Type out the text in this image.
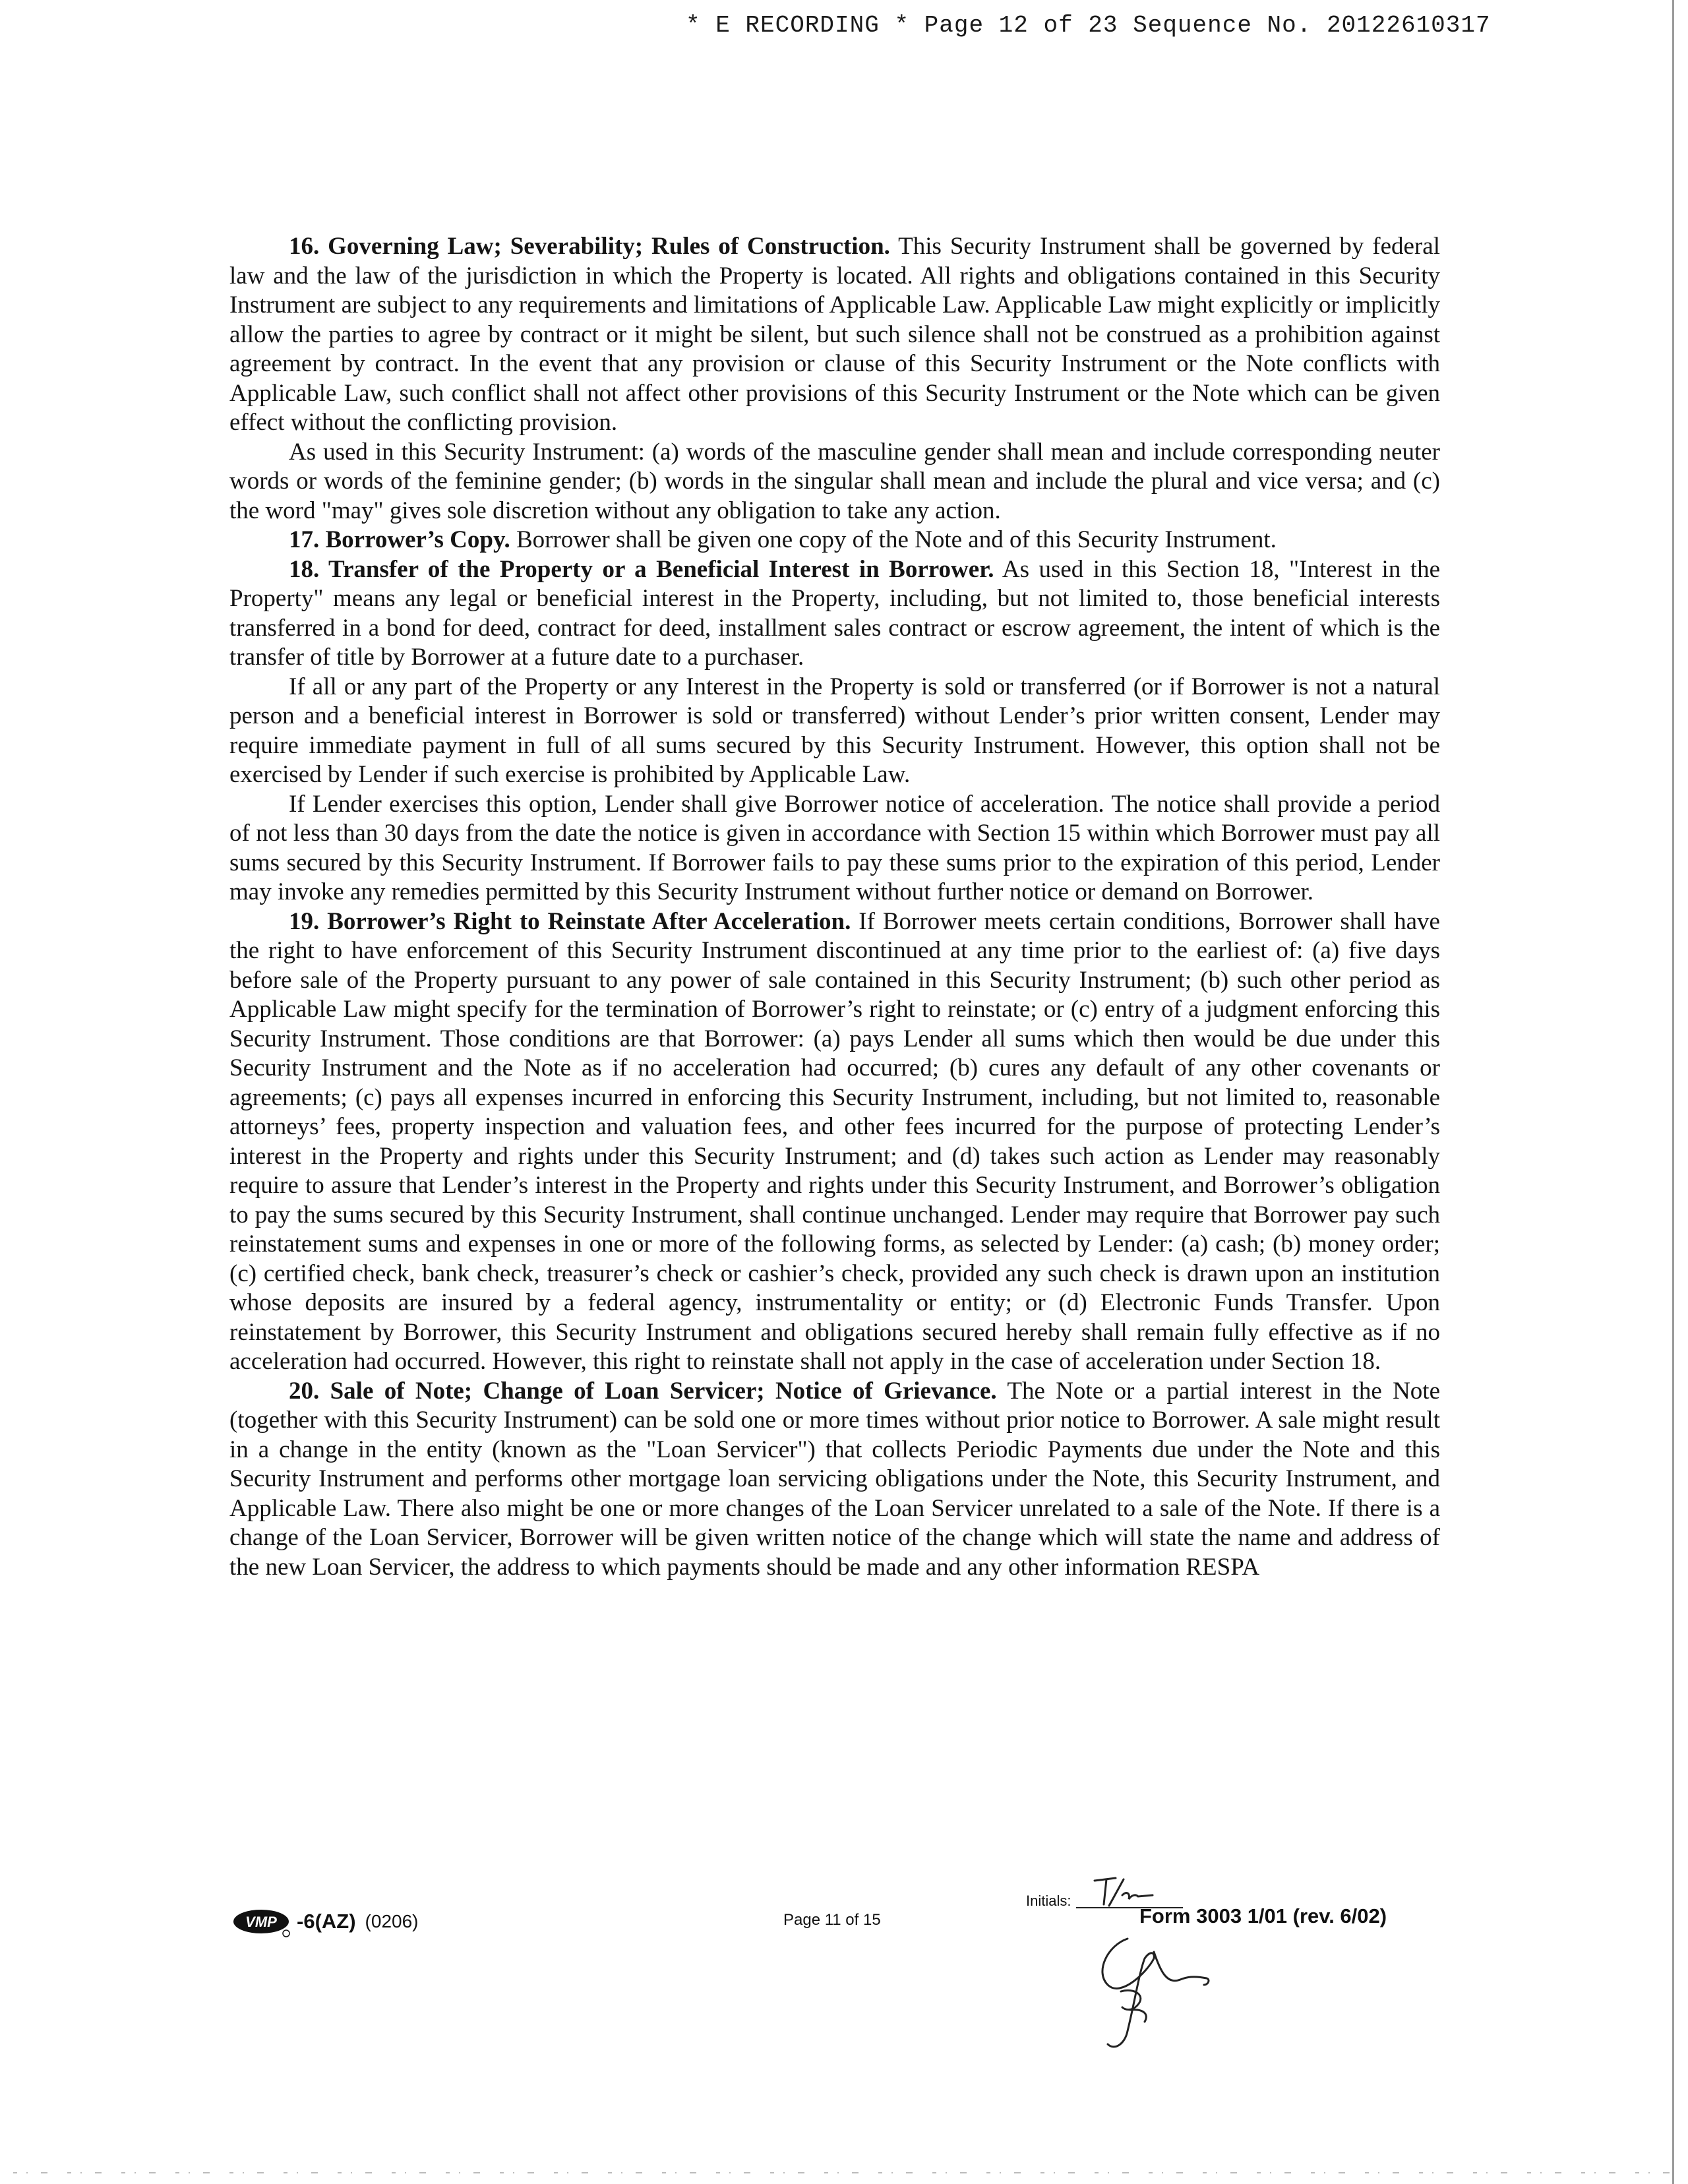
* E RECORDING * Page 12 of 23 Sequence No. 20122610317

16. Governing Law; Severability; Rules of Construction. This Security Instrument shall be governed by federal law and the law of the jurisdiction in which the Property is located. All rights and obligations contained in this Security Instrument are subject to any requirements and limitations of Applicable Law. Applicable Law might explicitly or implicitly allow the parties to agree by contract or it might be silent, but such silence shall not be construed as a prohibition against agreement by contract. In the event that any provision or clause of this Security Instrument or the Note conflicts with Applicable Law, such conflict shall not affect other provisions of this Security Instrument or the Note which can be given effect without the conflicting provision.

As used in this Security Instrument: (a) words of the masculine gender shall mean and include corresponding neuter words or words of the feminine gender; (b) words in the singular shall mean and include the plural and vice versa; and (c) the word "may" gives sole discretion without any obligation to take any action.

17. Borrower’s Copy. Borrower shall be given one copy of the Note and of this Security Instrument.

18. Transfer of the Property or a Beneficial Interest in Borrower. As used in this Section 18, "Interest in the Property" means any legal or beneficial interest in the Property, including, but not limited to, those beneficial interests transferred in a bond for deed, contract for deed, installment sales contract or escrow agreement, the intent of which is the transfer of title by Borrower at a future date to a purchaser.

If all or any part of the Property or any Interest in the Property is sold or transferred (or if Borrower is not a natural person and a beneficial interest in Borrower is sold or transferred) without Lender’s prior written consent, Lender may require immediate payment in full of all sums secured by this Security Instrument. However, this option shall not be exercised by Lender if such exercise is prohibited by Applicable Law.

If Lender exercises this option, Lender shall give Borrower notice of acceleration. The notice shall provide a period of not less than 30 days from the date the notice is given in accordance with Section 15 within which Borrower must pay all sums secured by this Security Instrument. If Borrower fails to pay these sums prior to the expiration of this period, Lender may invoke any remedies permitted by this Security Instrument without further notice or demand on Borrower.

19. Borrower’s Right to Reinstate After Acceleration. If Borrower meets certain conditions, Borrower shall have the right to have enforcement of this Security Instrument discontinued at any time prior to the earliest of: (a) five days before sale of the Property pursuant to any power of sale contained in this Security Instrument; (b) such other period as Applicable Law might specify for the termination of Borrower’s right to reinstate; or (c) entry of a judgment enforcing this Security Instrument. Those conditions are that Borrower: (a) pays Lender all sums which then would be due under this Security Instrument and the Note as if no acceleration had occurred; (b) cures any default of any other covenants or agreements; (c) pays all expenses incurred in enforcing this Security Instrument, including, but not limited to, reasonable attorneys’ fees, property inspection and valuation fees, and other fees incurred for the purpose of protecting Lender’s interest in the Property and rights under this Security Instrument; and (d) takes such action as Lender may reasonably require to assure that Lender’s interest in the Property and rights under this Security Instrument, and Borrower’s obligation to pay the sums secured by this Security Instrument, shall continue unchanged. Lender may require that Borrower pay such reinstatement sums and expenses in one or more of the following forms, as selected by Lender: (a) cash; (b) money order; (c) certified check, bank check, treasurer’s check or cashier’s check, provided any such check is drawn upon an institution whose deposits are insured by a federal agency, instrumentality or entity; or (d) Electronic Funds Transfer. Upon reinstatement by Borrower, this Security Instrument and obligations secured hereby shall remain fully effective as if no acceleration had occurred. However, this right to reinstate shall not apply in the case of acceleration under Section 18.

20. Sale of Note; Change of Loan Servicer; Notice of Grievance. The Note or a partial interest in the Note (together with this Security Instrument) can be sold one or more times without prior notice to Borrower. A sale might result in a change in the entity (known as the "Loan Servicer") that collects Periodic Payments due under the Note and this Security Instrument and performs other mortgage loan servicing obligations under the Note, this Security Instrument, and Applicable Law. There also might be one or more changes of the Loan Servicer unrelated to a sale of the Note. If there is a change of the Loan Servicer, Borrower will be given written notice of the change which will state the name and address of the new Loan Servicer, the address to which payments should be made and any other information RESPA

VMP -6(AZ) (0206)	Page 11 of 15
Initials:
Form 3003 1/01 (rev. 6/02)
